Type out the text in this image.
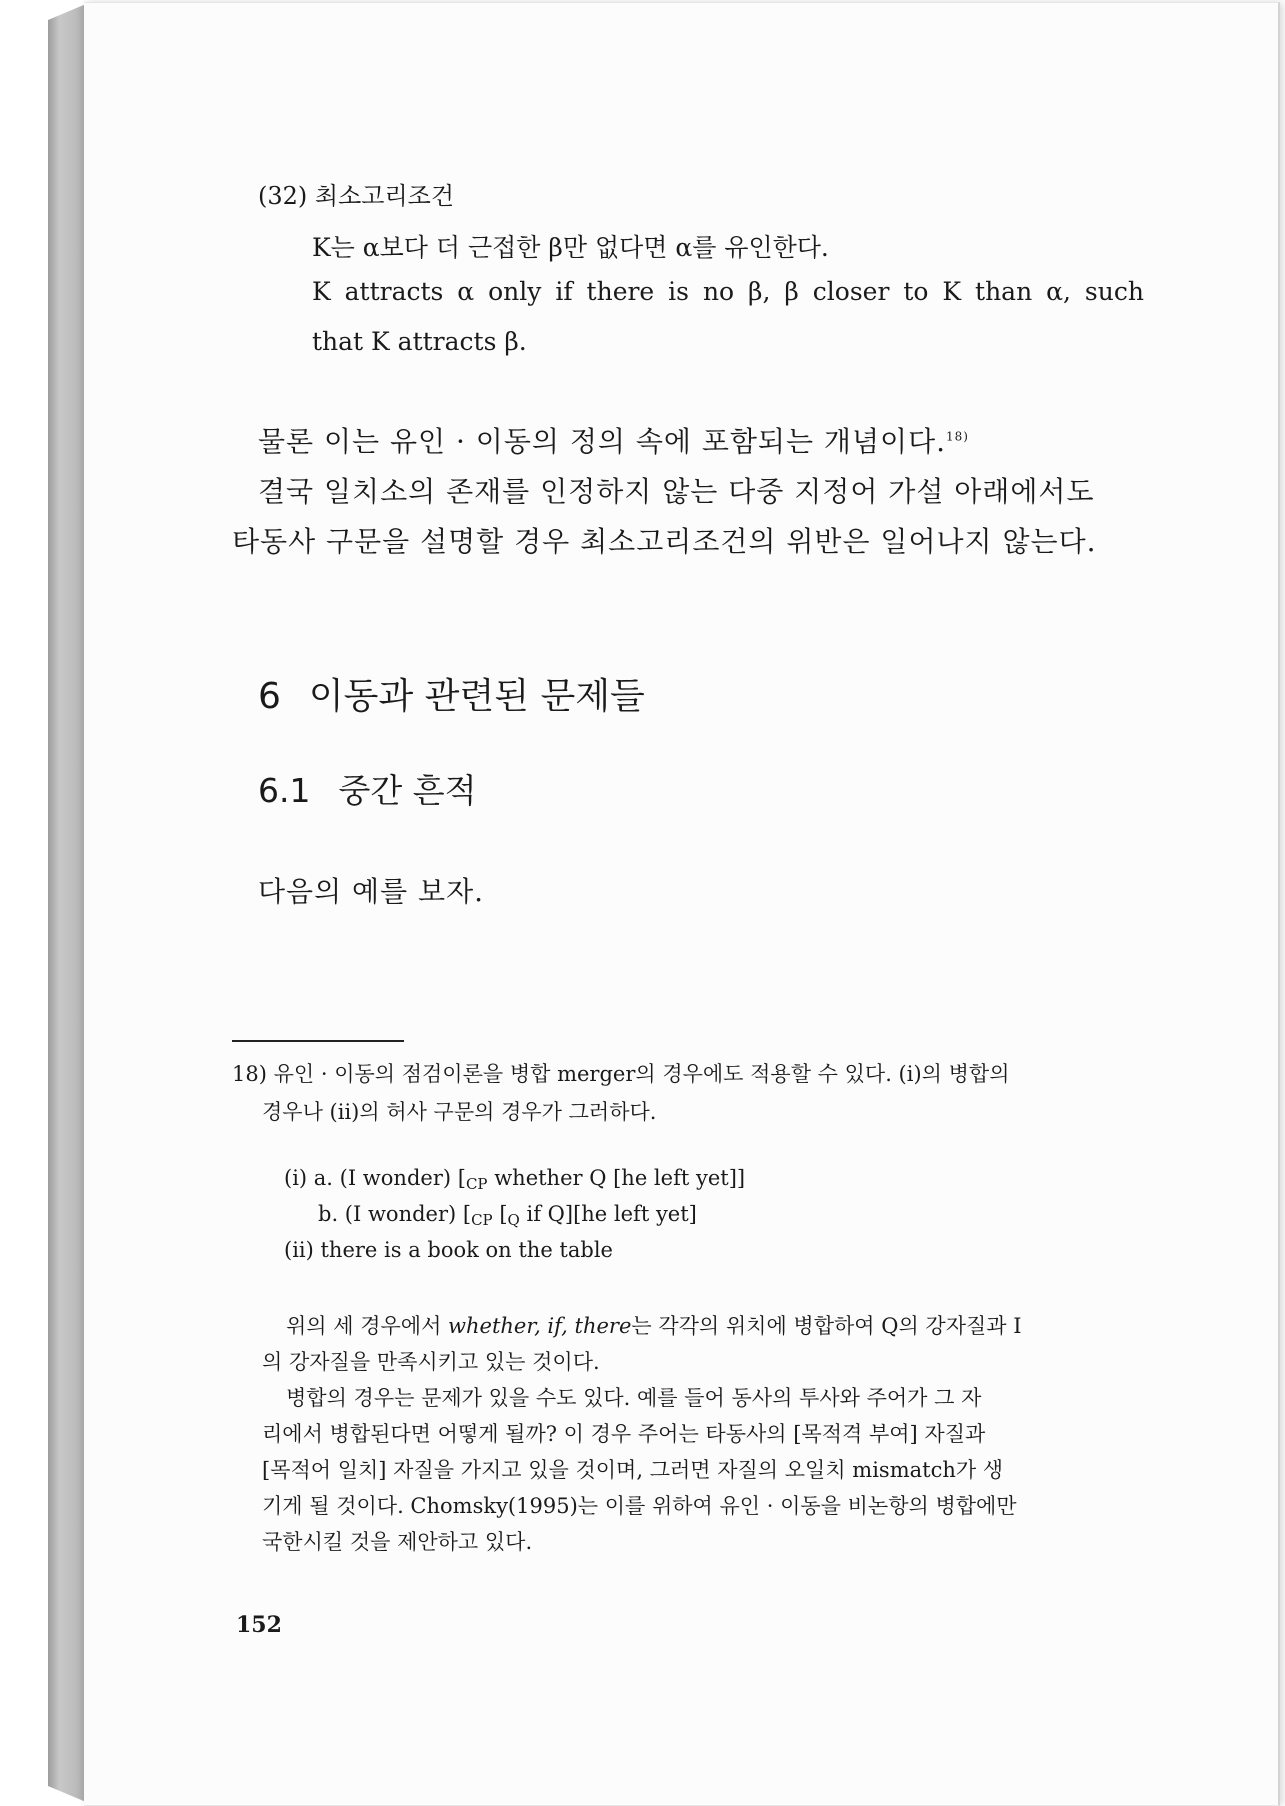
(32) 최소고리조건
K는 α보다 더 근접한 β만 없다면 α를 유인한다.
K attracts α only if there is no β, β closer to K than α, such
that K attracts β.
물론 이는 유인 · 이동의 정의 속에 포함되는 개념이다.$^{18)}$
결국 일치소의 존재를 인정하지 않는 다중 지정어 가설 아래에서도
타동사 구문을 설명할 경우 최소고리조건의 위반은 일어나지 않는다.
6 이동과 관련된 문제들
6.1 중간 흔적
다음의 예를 보자.
18) 유인 · 이동의 점검이론을 병합 merger의 경우에도 적용할 수 있다. (i)의 병합의
경우나 (ii)의 허사 구문의 경우가 그러하다.
(i) a. (I wonder) [$_{CP}$ whether Q [he left yet]]
b. (I wonder) [$_{CP}$ [$_Q$ if Q][he left yet]
(ii) there is a book on the table
위의 세 경우에서 whether, if, there는 각각의 위치에 병합하여 Q의 강자질과 I
의 강자질을 만족시키고 있는 것이다.
병합의 경우는 문제가 있을 수도 있다. 예를 들어 동사의 투사와 주어가 그 자
리에서 병합된다면 어떻게 될까? 이 경우 주어는 타동사의 [목적격 부여] 자질과
[목적어 일치] 자질을 가지고 있을 것이며, 그러면 자질의 오일치 mismatch가 생
기게 될 것이다. Chomsky(1995)는 이를 위하여 유인 · 이동을 비논항의 병합에만
국한시킬 것을 제안하고 있다.
152
